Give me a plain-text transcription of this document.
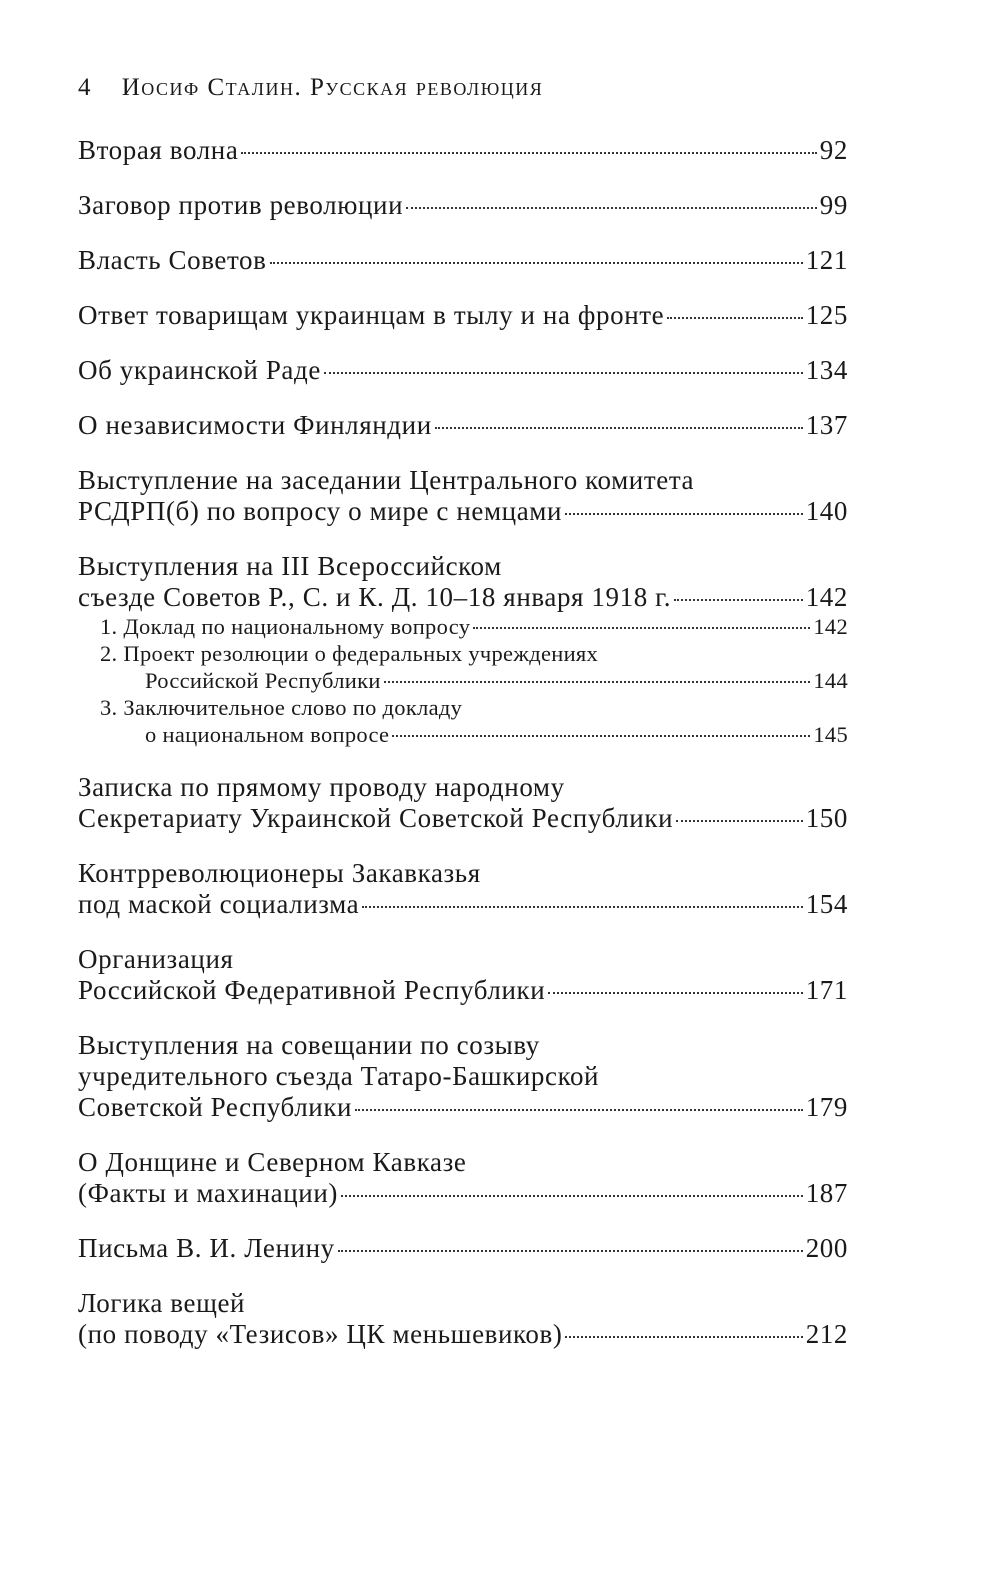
4 Иосиф Сталин. Русская революция
Вторая волна	92
Заговор против революции	99
Власть Советов	121
Ответ товарищам украинцам в тылу и на фронте	125
Об украинской Раде	134
О независимости Финляндии	137
Выступление на заседании Центрального комитета
РСДРП(б) по вопросу о мире с немцами	140
Выступления на III Всероссийском
съезде Советов Р., С. и К. Д. 10–18 января 1918 г.	142
1. Доклад по национальному вопросу	142
2. Проект резолюции о федеральных учреждениях
Российской Республики	144
3. Заключительное слово по докладу
о национальном вопросе	145
Записка по прямому проводу народному
Секретариату Украинской Советской Республики	150
Контрреволюционеры Закавказья
под маской социализма	154
Организация
Российской Федеративной Республики	171
Выступления на совещании по созыву
учредительного съезда Татаро-Башкирской
Советской Республики	179
О Донщине и Северном Кавказе
(Факты и махинации)	187
Письма В. И. Ленину	200
Логика вещей
(по поводу «Тезисов» ЦК меньшевиков)	212
